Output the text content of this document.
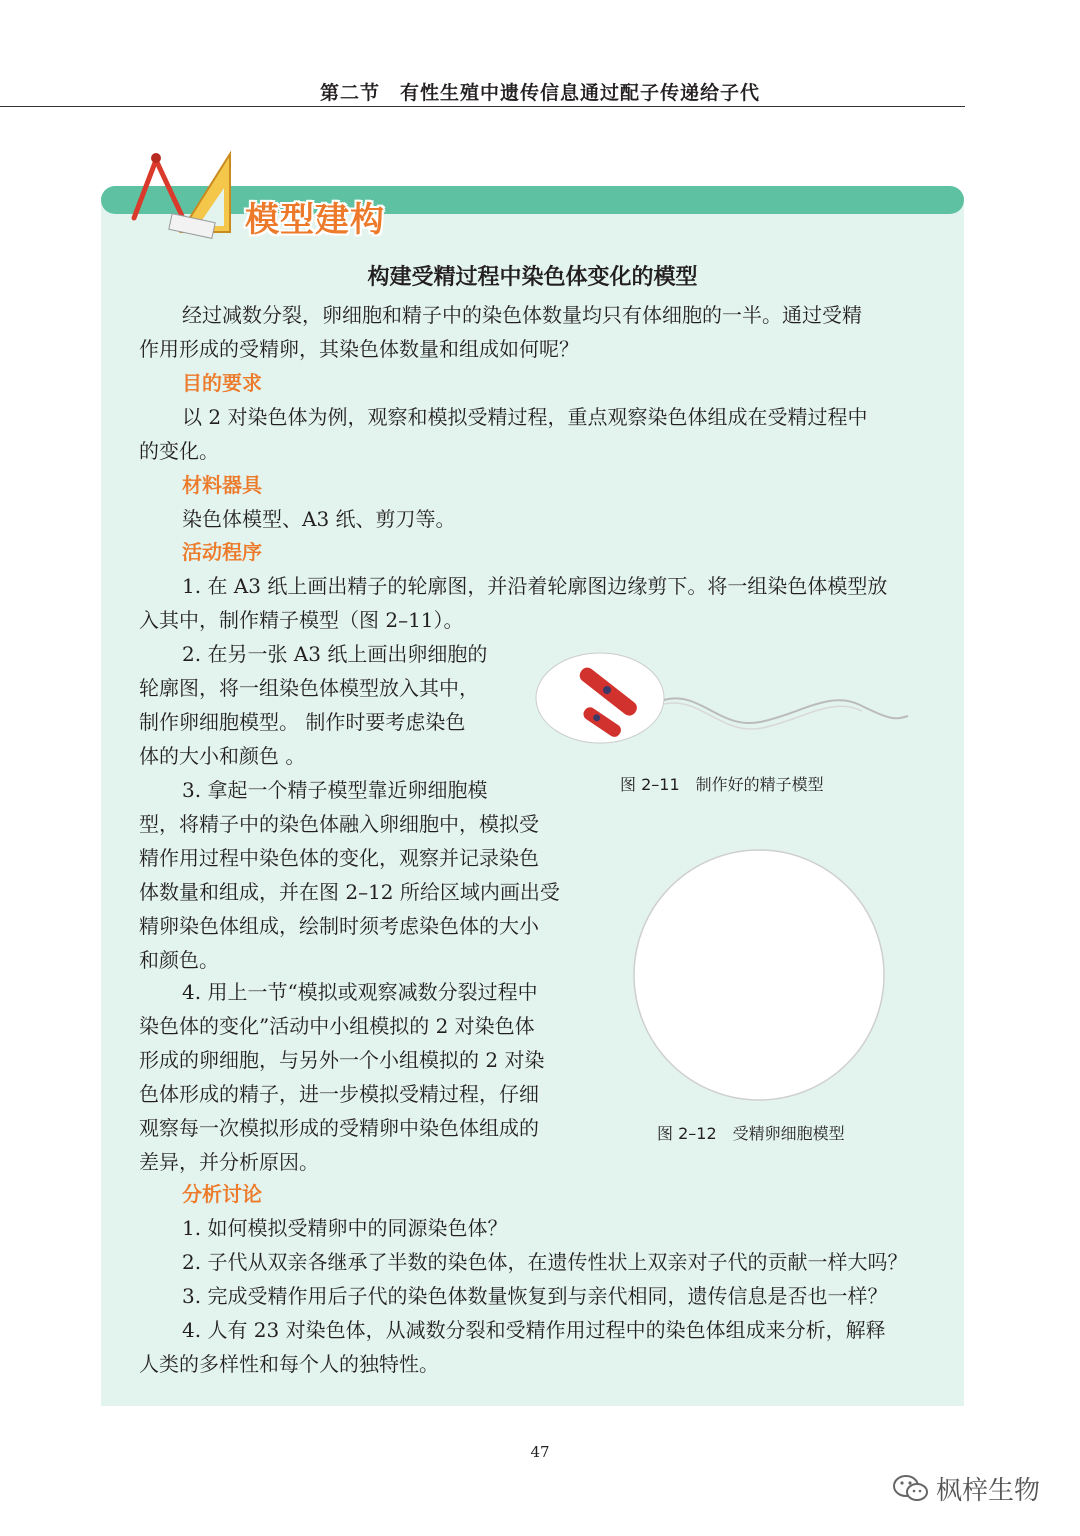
第二节　有性生殖中遗传信息通过配子传递给子代
模型建构
构建受精过程中染色体变化的模型
经过减数分裂，卵细胞和精子中的染色体数量均只有体细胞的一半。通过受精
作用形成的受精卵，其染色体数量和组成如何呢？
目的要求
以 2 对染色体为例，观察和模拟受精过程，重点观察染色体组成在受精过程中
的变化。
材料器具
染色体模型、A3 纸、剪刀等。
活动程序
1. 在 A3 纸上画出精子的轮廓图，并沿着轮廓图边缘剪下。将一组染色体模型放
入其中，制作精子模型（图 2–11）。
2. 在另一张 A3 纸上画出卵细胞的
轮廓图，将一组染色体模型放入其中，
制作卵细胞模型。 制作时要考虑染色
体的大小和颜色 。
3. 拿起一个精子模型靠近卵细胞模
型，将精子中的染色体融入卵细胞中，模拟受
精作用过程中染色体的变化，观察并记录染色
体数量和组成，并在图 2–12 所给区域内画出受
精卵染色体组成，绘制时须考虑染色体的大小
和颜色。
4. 用上一节“模拟或观察减数分裂过程中
染色体的变化”活动中小组模拟的 2 对染色体
形成的卵细胞，与另外一个小组模拟的 2 对染
色体形成的精子，进一步模拟受精过程，仔细
观察每一次模拟形成的受精卵中染色体组成的
差异，并分析原因。
图 2–11　制作好的精子模型
图 2–12　受精卵细胞模型
分析讨论
1. 如何模拟受精卵中的同源染色体？
2. 子代从双亲各继承了半数的染色体，在遗传性状上双亲对子代的贡献一样大吗？
3. 完成受精作用后子代的染色体数量恢复到与亲代相同，遗传信息是否也一样？
4. 人有 23 对染色体，从减数分裂和受精作用过程中的染色体组成来分析，解释
人类的多样性和每个人的独特性。
47
枫梓生物
